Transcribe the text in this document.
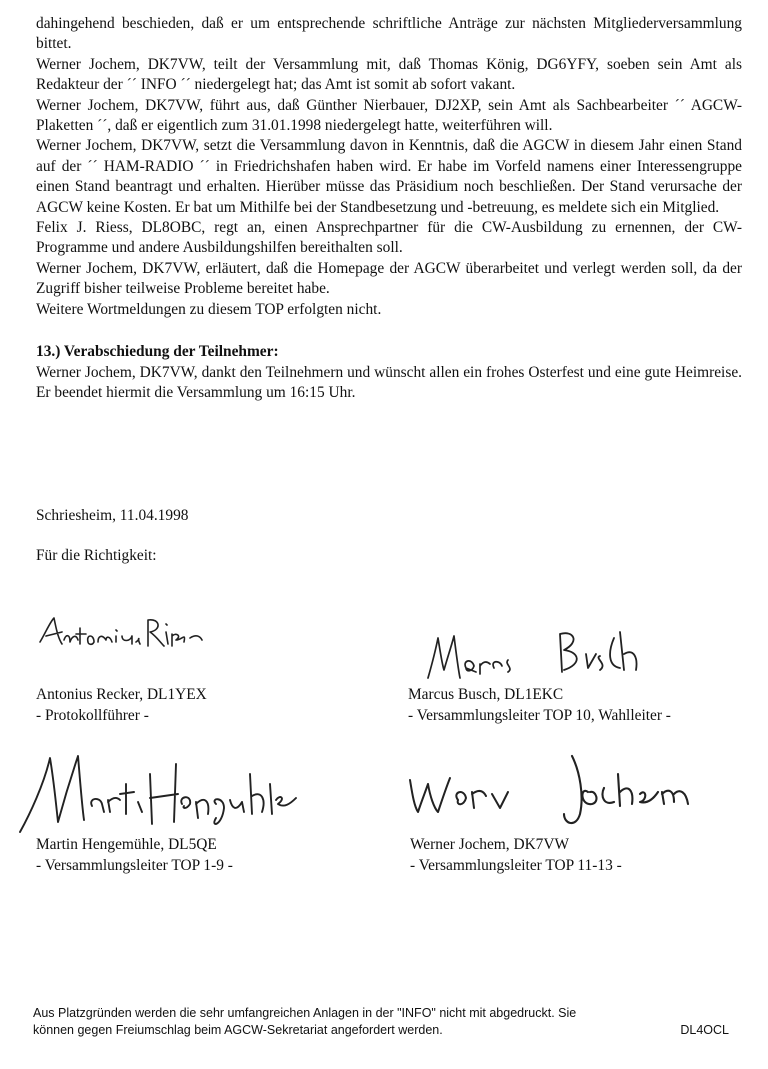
dahingehend beschieden, daß er um entsprechende schriftliche Anträge zur nächsten Mitgliederversammlung bittet.

Werner Jochem, DK7VW, teilt der Versammlung mit, daß Thomas König, DG6YFY, soeben sein Amt als Redakteur der ´´ INFO ´´ niedergelegt hat; das Amt ist somit ab sofort vakant.

Werner Jochem, DK7VW, führt aus, daß Günther Nierbauer, DJ2XP, sein Amt als Sachbearbeiter ´´ AGCW-Plaketten ´´, daß er eigentlich zum 31.01.1998 niedergelegt hatte, weiterführen will.

Werner Jochem, DK7VW, setzt die Versammlung davon in Kenntnis, daß die AGCW in diesem Jahr einen Stand auf der ´´ HAM-RADIO ´´ in Friedrichshafen haben wird. Er habe im Vorfeld namens einer Interessengruppe einen Stand beantragt und erhalten. Hierüber müsse das Präsidium noch beschließen. Der Stand verursache der AGCW keine Kosten. Er bat um Mithilfe bei der Standbesetzung und -betreuung, es meldete sich ein Mitglied.

Felix J. Riess, DL8OBC, regt an, einen Ansprechpartner für die CW-Ausbildung zu ernennen, der CW-Programme und andere Ausbildungshilfen bereithalten soll.

Werner Jochem, DK7VW, erläutert, daß die Homepage der AGCW überarbeitet und verlegt werden soll, da der Zugriff bisher teilweise Probleme bereitet habe.

Weitere Wortmeldungen zu diesem TOP erfolgten nicht.

13.) Verabschiedung der Teilnehmer:

Werner Jochem, DK7VW, dankt den Teilnehmern und wünscht allen ein frohes Osterfest und eine gute Heimreise. Er beendet hiermit die Versammlung um 16:15 Uhr.

Schriesheim, 11.04.1998
Für die Richtigkeit:
Antonius Recker, DL1YEX
- Protokollführer -
Marcus Busch, DL1EKC
- Versammlungsleiter TOP 10, Wahlleiter -
Martin Hengemühle, DL5QE
- Versammlungsleiter TOP 1-9 -
Werner Jochem, DK7VW
- Versammlungsleiter TOP 11-13 -
Aus Platzgründen werden die sehr umfangreichen Anlagen in der "INFO" nicht mit abgedruckt. Sie
können gegen Freiumschlag beim AGCW-Sekretariat angefordert werden.	DL4OCL
